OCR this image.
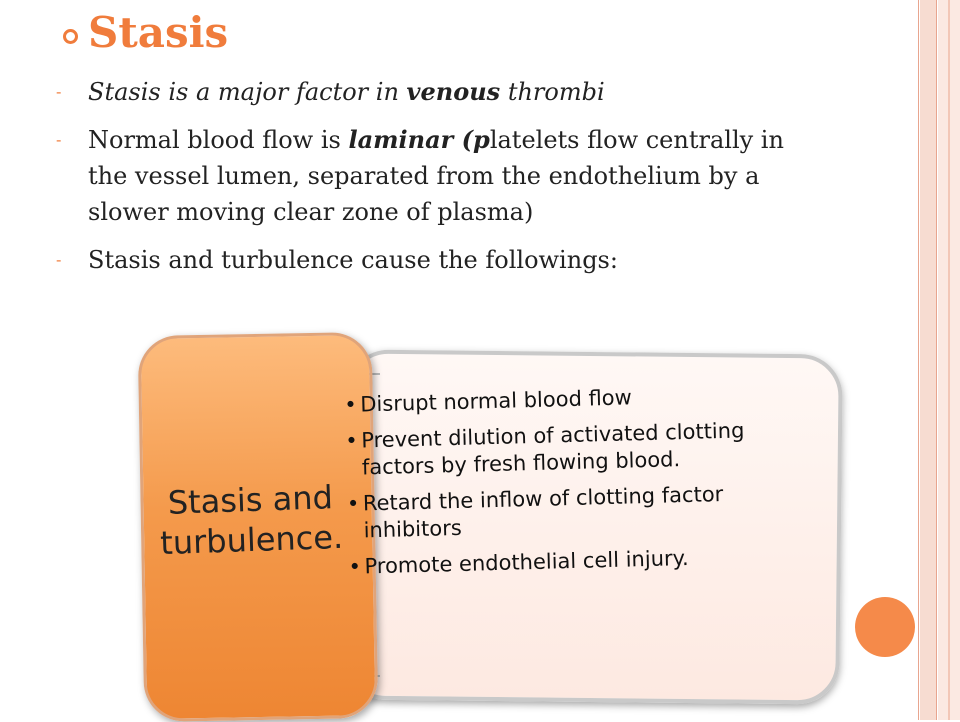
Stasis
- Stasis is a major factor in venous thrombi
- Normal blood flow is laminar (platelets flow centrally in the vessel lumen, separated from the endothelium by a slower moving clear zone of plasma)
- Stasis and turbulence cause the followings:
Stasis and turbulence.
• Disrupt normal blood flow
• Prevent dilution of activated clotting factors by fresh flowing blood.
• Retard the inflow of clotting factor inhibitors
• Promote endothelial cell injury.
